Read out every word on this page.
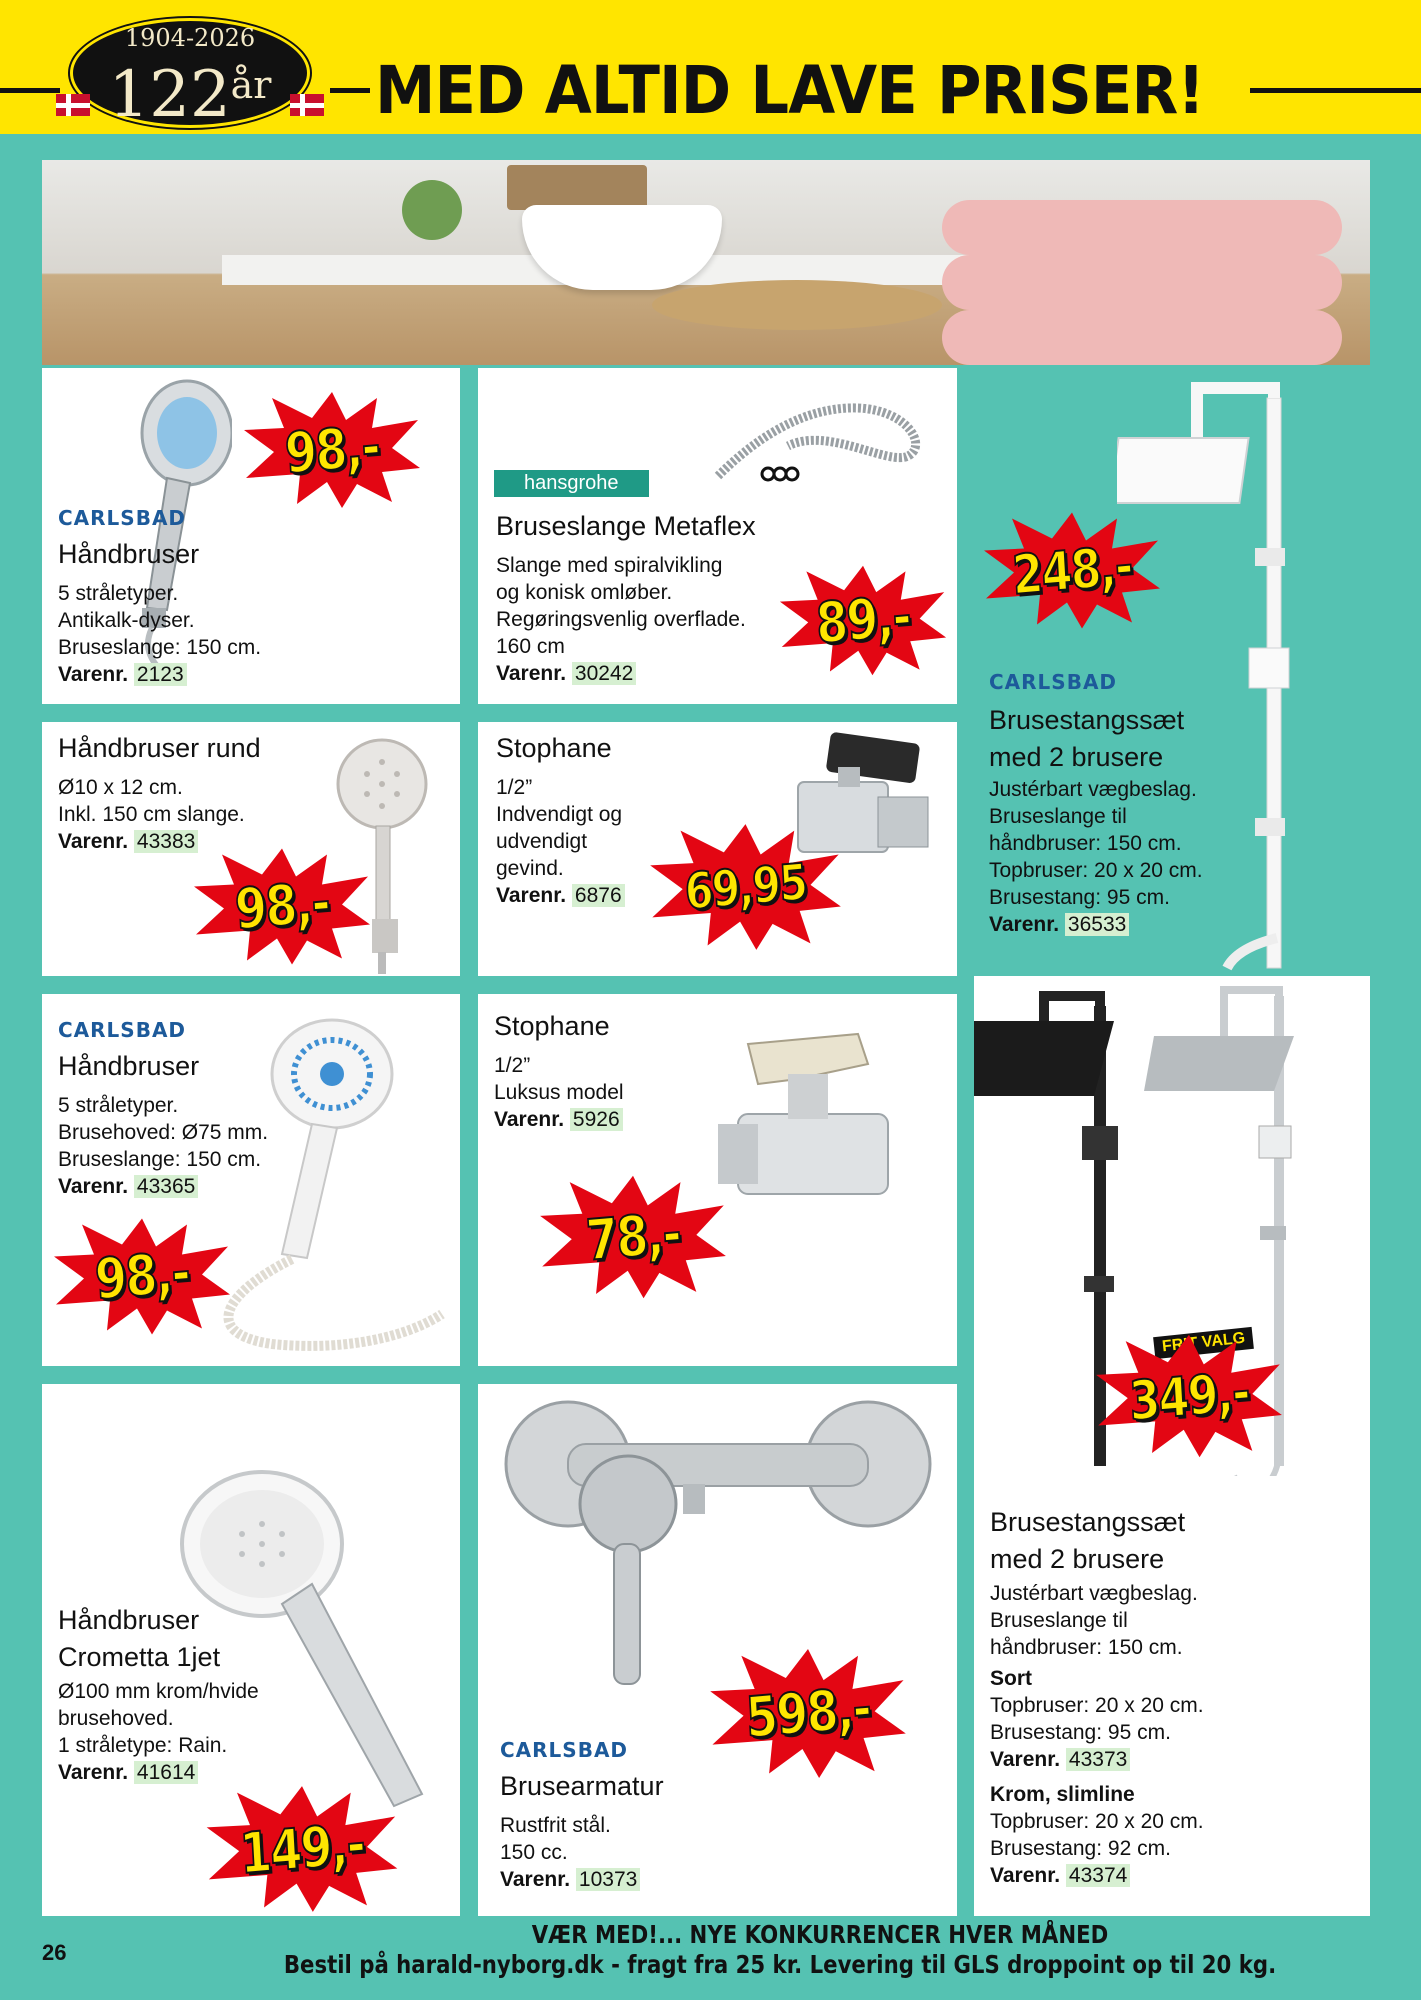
1904-2026
$122^{år}$	MED ALTID LAVE PRISER!
CARLSBAD
Håndbruser
5 stråletyper.
Antikalk-dyser.
Bruseslange: 150 cm.
Varenr. 2123
98,-	hansgrohe
Bruseslange Metaflex
Slange med spiralvikling
og konisk omløber.
Regøringsvenlig overflade.
160 cm
Varenr. 30242
89,-
248,-
CARLSBAD
Brusestangssæt
med 2 brusere
Justérbart vægbeslag.
Bruseslange til
håndbruser: 150 cm.
Topbruser: 20 x 20 cm.
Brusestang: 95 cm.
Varenr. 36533
Håndbruser rund
Ø10 x 12 cm.
Inkl. 150 cm slange.
Varenr. 43383
98,-
Stophane
1/2”
Indvendigt og
udvendigt
gevind.
Varenr. 6876	69,95
CARLSBAD
Håndbruser
5 stråletyper.
Brusehoved: Ø75 mm.
Bruseslange: 150 cm.
Varenr. 43365
98,-
Stophane
1/2”
Luksus model
Varenr. 5926
78,-
FRIT VALG
349,-
Brusestangssæt
med 2 brusere
Justérbart vægbeslag.
Bruseslange til
håndbruser: 150 cm.
Sort
Topbruser: 20 x 20 cm.
Brusestang: 95 cm.
Varenr. 43373
Krom, slimline
Topbruser: 20 x 20 cm.
Brusestang: 92 cm.
Varenr. 43374
Håndbruser
Crometta 1jet
Ø100 mm krom/hvide
brusehoved.
1 stråletype: Rain.
Varenr. 41614
149,-
598,-
CARLSBAD
Brusearmatur
Rustfrit stål.
150 cc.
Varenr. 10373
26
VÆR MED!... NYE KONKURRENCER HVER MÅNED
Bestil på harald-nyborg.dk - fragt fra 25 kr. Levering til GLS droppoint op til 20 kg.
